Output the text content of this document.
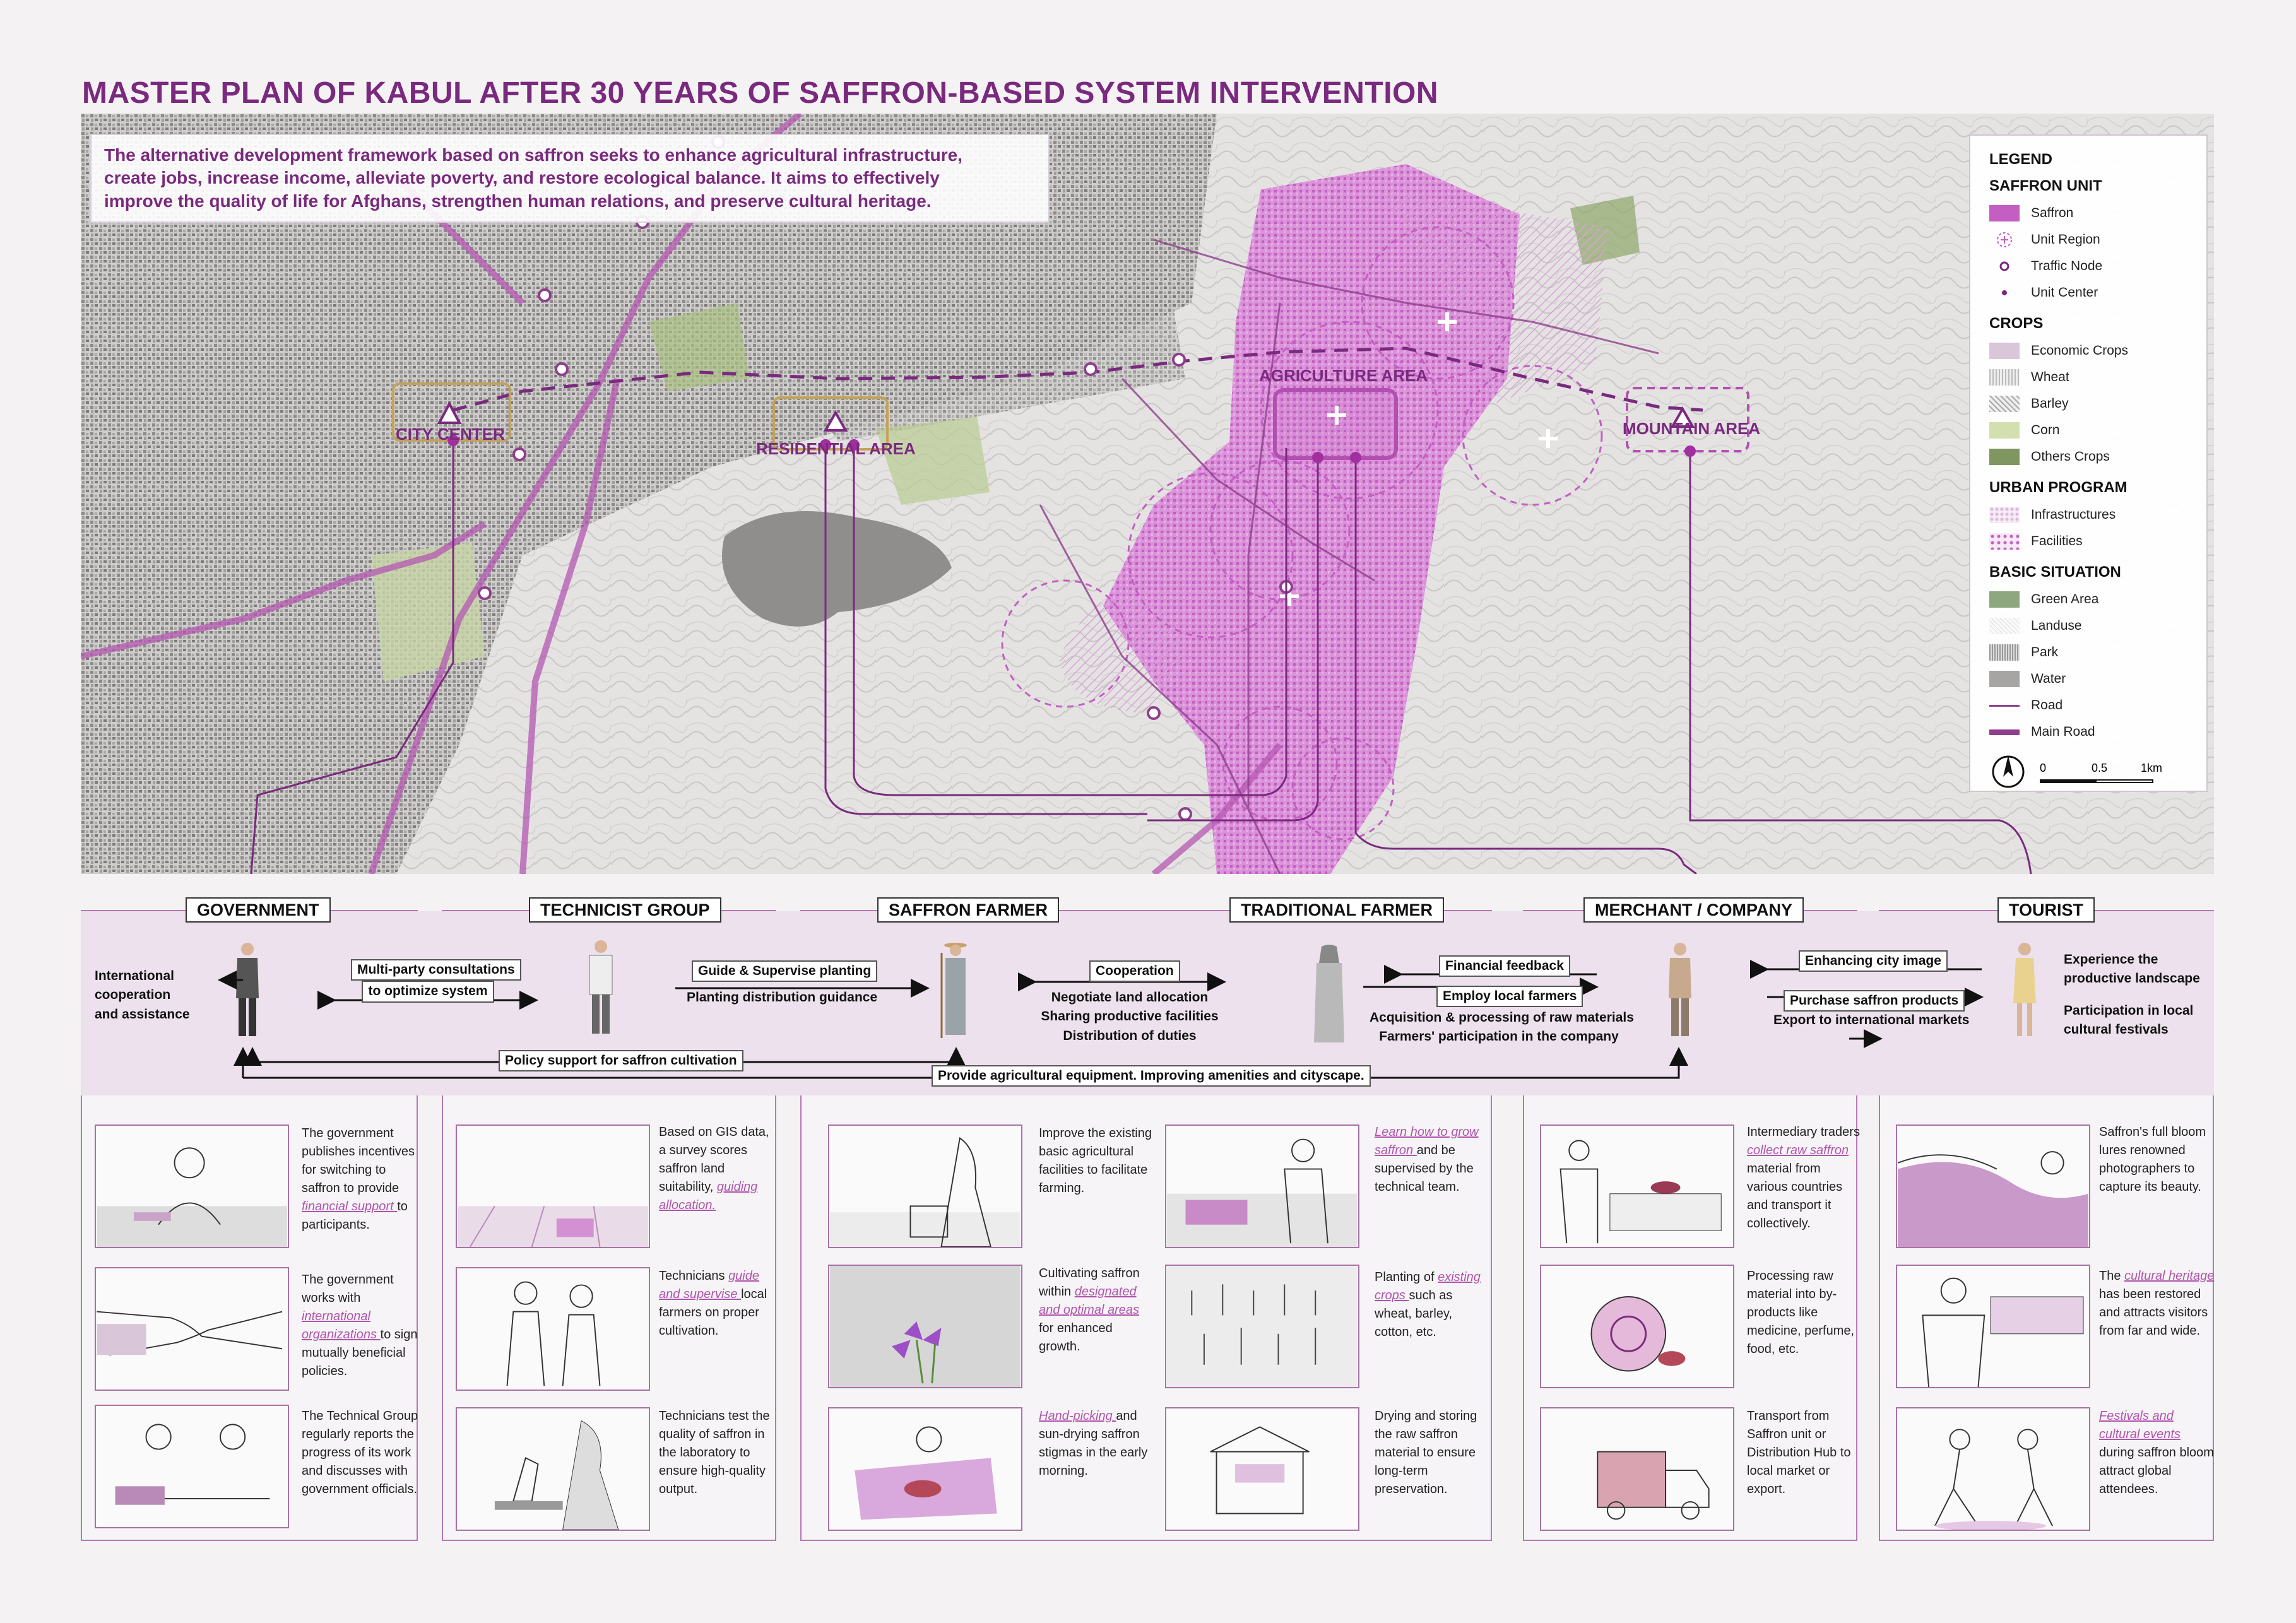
MASTER PLAN OF KABUL AFTER 30 YEARS OF SAFFRON-BASED SYSTEM INTERVENTION
The alternative development framework based on saffron seeks to enhance agricultural infrastructure,
create jobs, increase income, alleviate poverty, and restore ecological balance. It aims to effectively
improve the quality of life for Afghans, strengthen human relations, and preserve cultural heritage.
CITY CENTER
RESIDENTIAL AREA
AGRICULTURE AREA
MOUNTAIN AREA
LEGEND
SAFFRON UNIT
Saffron
Unit Region
Traffic Node
Unit Center
CROPS
Economic Crops
Wheat
Barley
Corn
Others Crops
URBAN PROGRAM
Infrastructures
Facilities
BASIC SITUATION
Green Area
Landuse
Park
Water
Road
Main Road
0	0.5	1km
GOVERNMENT	TECHNICIST GROUP	SAFFRON FARMER	TRADITIONAL FARMER	MERCHANT / COMPANY	TOURIST
International
cooperation
and assistance
Multi-party consultations
to optimize system
Guide & Supervise planting
Planting distribution guidance
Cooperation
Negotiate land allocation
Sharing productive facilities
Distribution of duties
Financial feedback
Employ local farmers
Acquisition & processing of raw materials
Farmers' participation in the company
Enhancing city image
Purchase saffron products
Export to international markets
Experience the
productive landscape
Participation in local
cultural festivals
Policy support for saffron cultivation
Provide agricultural equipment. Improving amenities and cityscape.
The government publishes incentives for switching to saffron to provide financial support to participants.
The government works with international organizations to sign mutually beneficial policies.
The Technical Group regularly reports the progress of its work and discusses with government officials.
Based on GIS data, a survey scores saffron land suitability, guiding allocation.
Technicians guide and supervise local farmers on proper cultivation.
Technicians test the quality of saffron in the laboratory to ensure high-quality output.
Improve the existing basic agricultural facilities to facilitate farming.
Cultivating saffron within designated and optimal areas for enhanced growth.
Hand-picking and sun-drying saffron stigmas in the early morning.
Learn how to grow saffron and be supervised by the technical team.
Planting of existing crops such as wheat, barley, cotton, etc.
Drying and storing the raw saffron material to ensure long-term preservation.
Intermediary traders collect raw saffron material from various countries and transport it collectively.
Processing raw material into by-products like medicine, perfume, food, etc.
Transport from Saffron unit or Distribution Hub to local market or export.
Saffron's full bloom lures renowned photographers to capture its beauty.
The cultural heritage has been restored and attracts visitors from far and wide.
Festivals and cultural events during saffron bloom attract global attendees.
